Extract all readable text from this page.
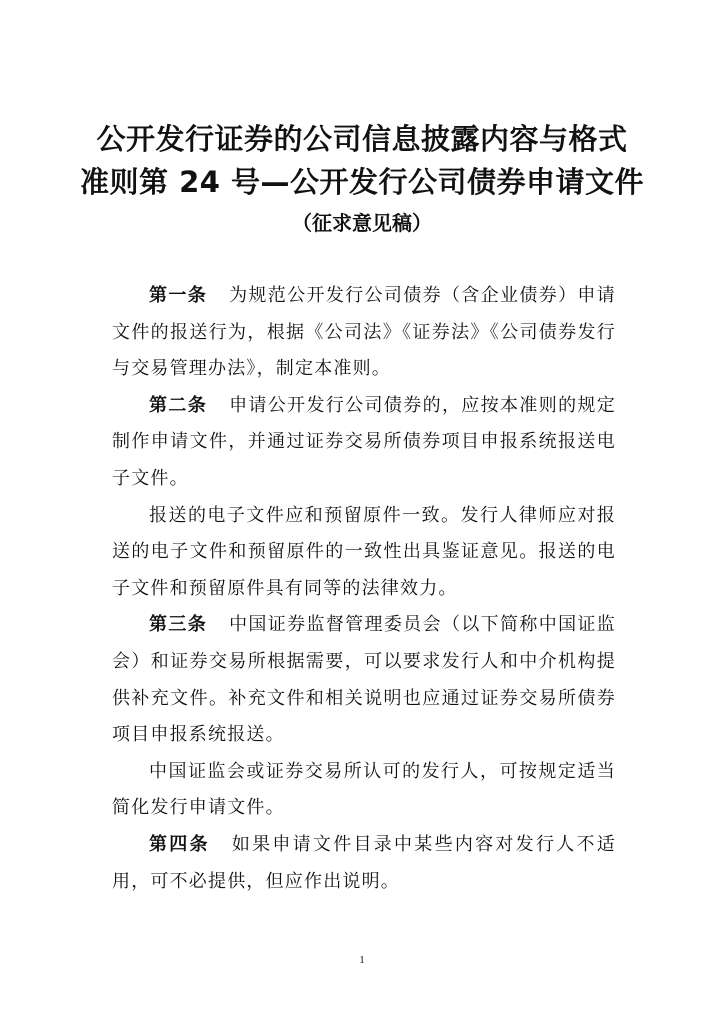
公开发行证券的公司信息披露内容与格式
准则第 24 号—公开发行公司债券申请文件
（征求意见稿）

第一条 为规范公开发行公司债券（含企业债券）申请文件的报送行为，根据《公司法》《证券法》《公司债券发行与交易管理办法》，制定本准则。

第二条 申请公开发行公司债券的，应按本准则的规定制作申请文件，并通过证券交易所债券项目申报系统报送电子文件。

报送的电子文件应和预留原件一致。发行人律师应对报送的电子文件和预留原件的一致性出具鉴证意见。报送的电子文件和预留原件具有同等的法律效力。

第三条 中国证券监督管理委员会（以下简称中国证监会）和证券交易所根据需要，可以要求发行人和中介机构提供补充文件。补充文件和相关说明也应通过证券交易所债券项目申报系统报送。

中国证监会或证券交易所认可的发行人，可按规定适当简化发行申请文件。

第四条 如果申请文件目录中某些内容对发行人不适用，可不必提供，但应作出说明。

1
